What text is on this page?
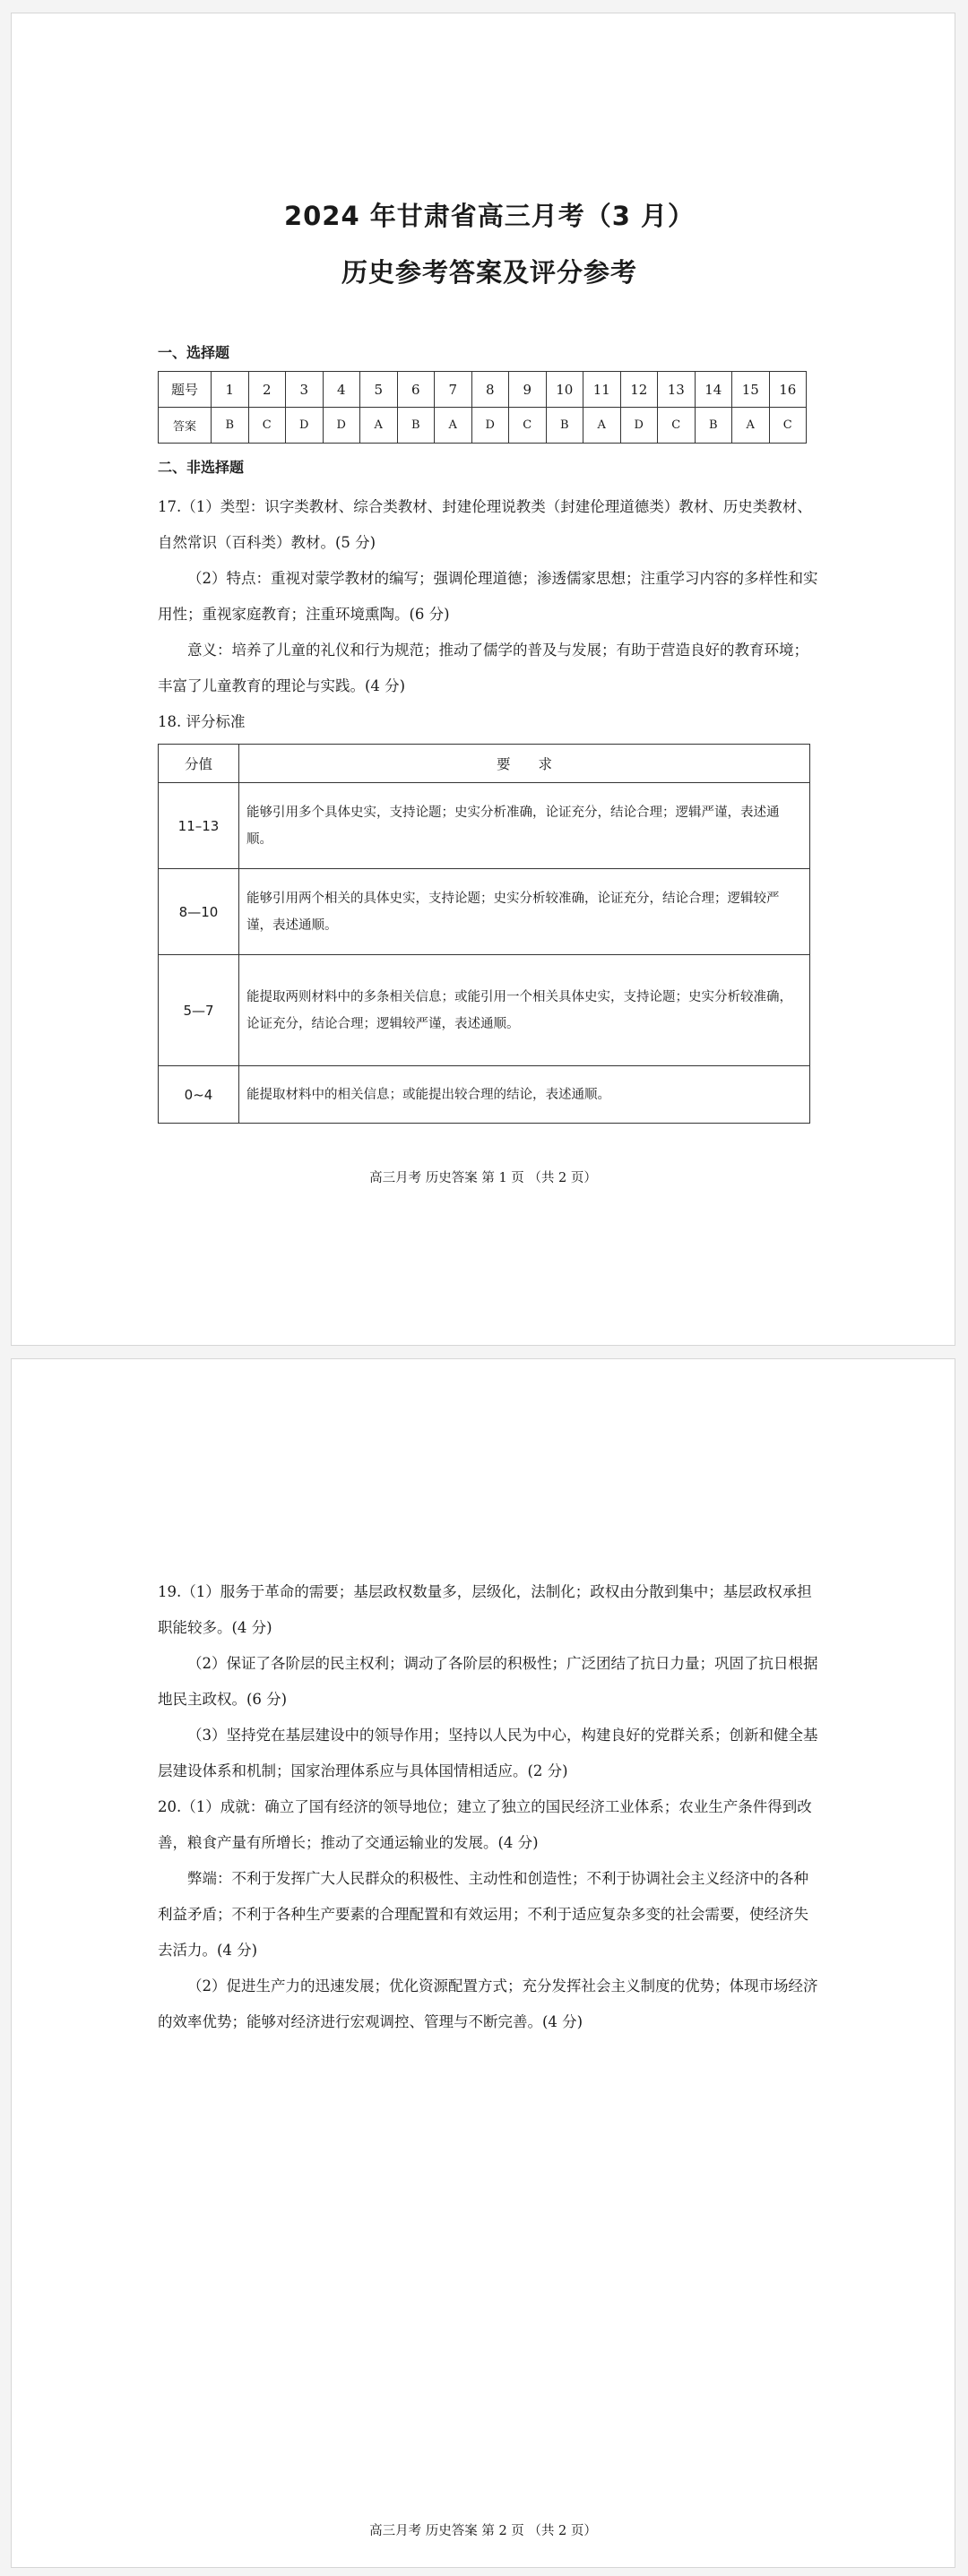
2024 年甘肃省高三月考（3 月）
历史参考答案及评分参考
一、选择题
题号	1	2	3	4	5	6	7	8	9	10	11	12	13	14	15	16
答案	B	C	D	D	A	B	A	D	C	B	A	D	C	B	A	C
二、非选择题

17.（1）类型：识字类教材、综合类教材、封建伦理说教类（封建伦理道德类）教材、历史类教材、自然常识（百科类）教材。(5 分)

（2）特点：重视对蒙学教材的编写；强调伦理道德；渗透儒家思想；注重学习内容的多样性和实用性；重视家庭教育；注重环境熏陶。(6 分)

意义：培养了儿童的礼仪和行为规范；推动了儒学的普及与发展；有助于营造良好的教育环境；丰富了儿童教育的理论与实践。(4 分)

18. 评分标准

分值	要　　求
11–13	能够引用多个具体史实，支持论题；史实分析准确，论证充分，结论合理；逻辑严谨，表述通顺。
8—10	能够引用两个相关的具体史实，支持论题；史实分析较准确，论证充分，结论合理；逻辑较严谨，表述通顺。
5—7	能提取两则材料中的多条相关信息；或能引用一个相关具体史实，支持论题；史实分析较准确，论证充分，结论合理；逻辑较严谨，表述通顺。
0~4	能提取材料中的相关信息；或能提出较合理的结论，表述通顺。
高三月考 历史答案 第 1 页 （共 2 页）

19.（1）服务于革命的需要；基层政权数量多，层级化，法制化；政权由分散到集中；基层政权承担职能较多。(4 分)

（2）保证了各阶层的民主权利；调动了各阶层的积极性；广泛团结了抗日力量；巩固了抗日根据地民主政权。(6 分)

（3）坚持党在基层建设中的领导作用；坚持以人民为中心，构建良好的党群关系；创新和健全基层建设体系和机制；国家治理体系应与具体国情相适应。(2 分)

20.（1）成就：确立了国有经济的领导地位；建立了独立的国民经济工业体系；农业生产条件得到改善，粮食产量有所增长；推动了交通运输业的发展。(4 分)

弊端：不利于发挥广大人民群众的积极性、主动性和创造性；不利于协调社会主义经济中的各种利益矛盾；不利于各种生产要素的合理配置和有效运用；不利于适应复杂多变的社会需要，使经济失去活力。(4 分)

（2）促进生产力的迅速发展；优化资源配置方式；充分发挥社会主义制度的优势；体现市场经济的效率优势；能够对经济进行宏观调控、管理与不断完善。(4 分)

高三月考 历史答案 第 2 页 （共 2 页）
